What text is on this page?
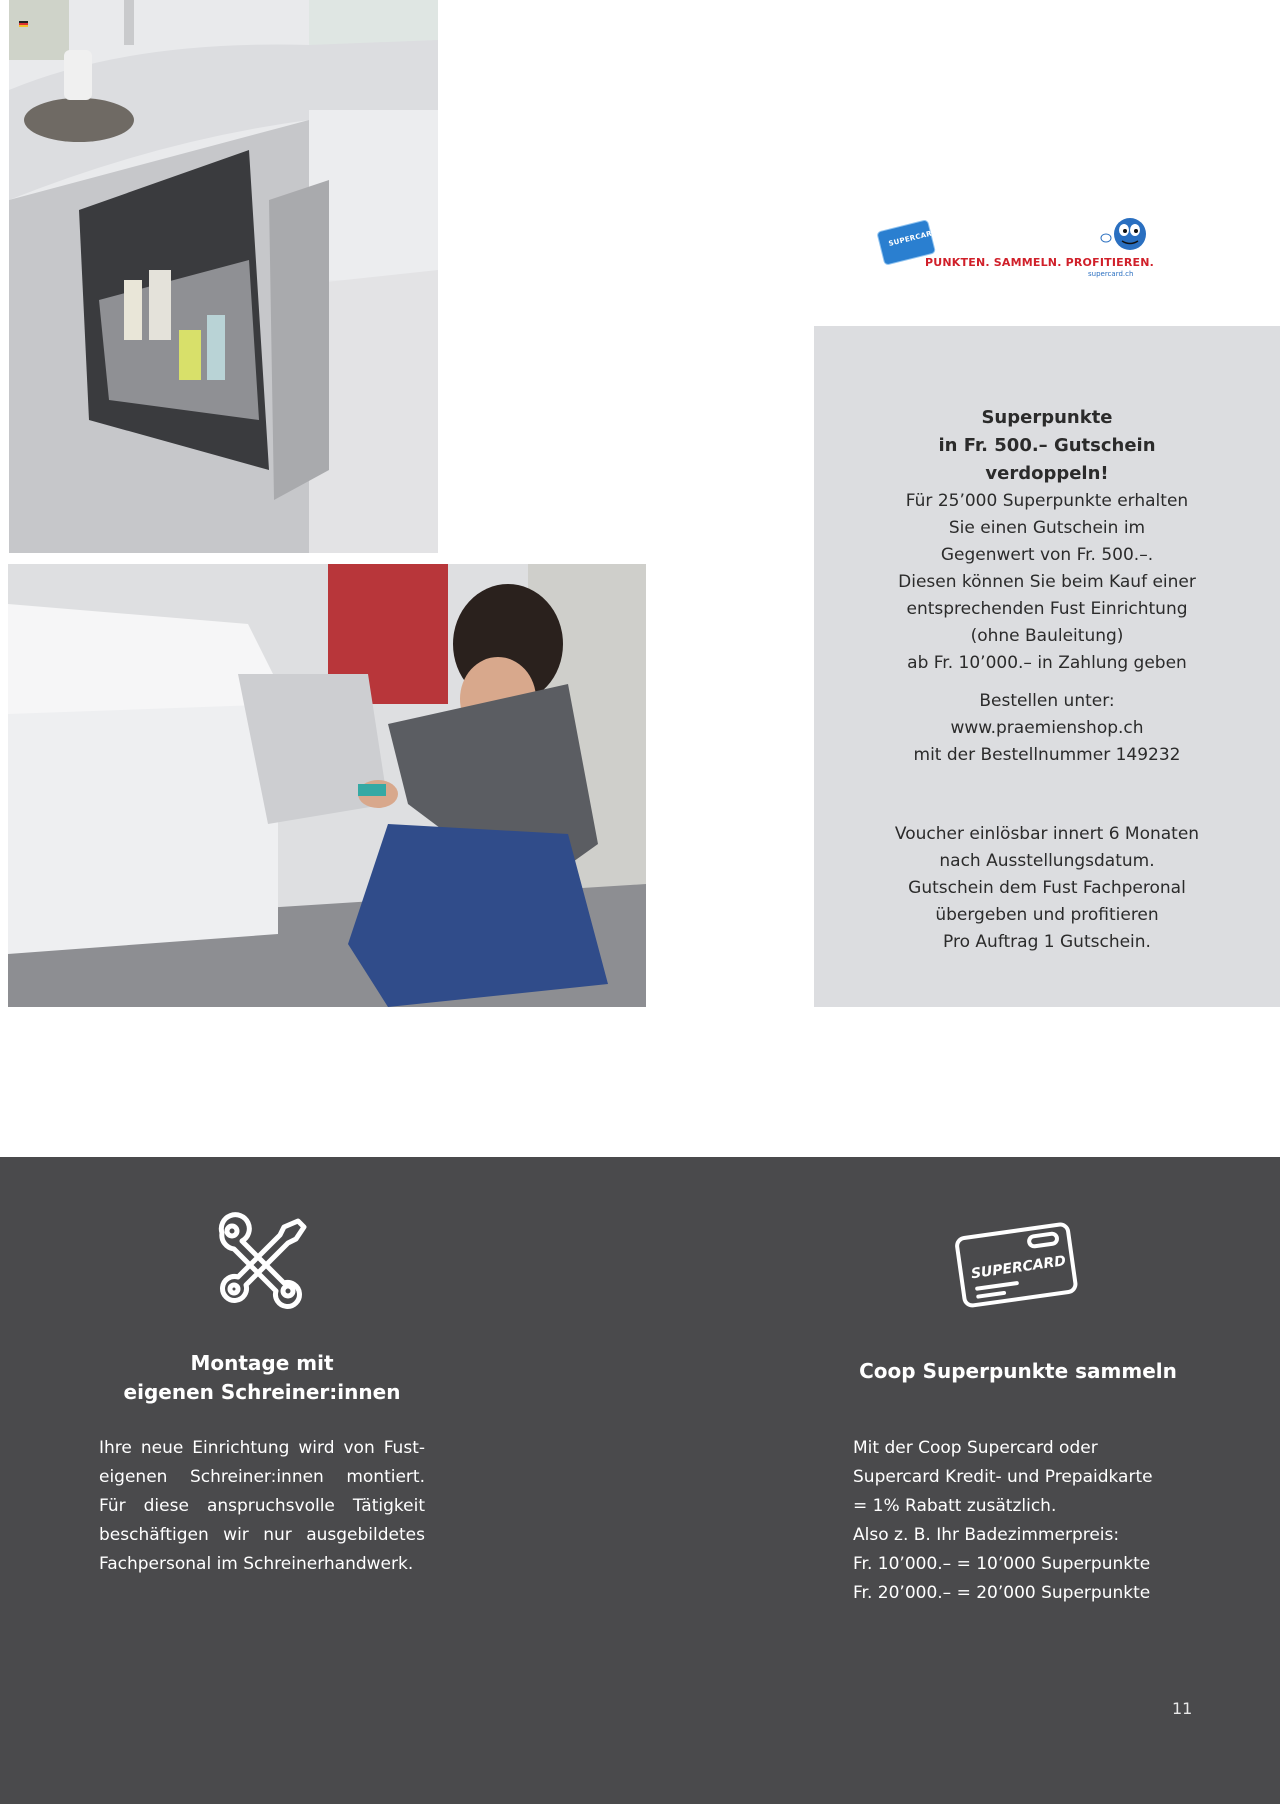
SUPERCARD
PUNKTEN. SAMMELN. PROFITIEREN.
supercard.ch
Superpunkte
in Fr. 500.– Gutschein
verdoppeln!
Für 25’000 Superpunkte erhalten
Sie einen Gutschein im
Gegenwert von Fr. 500.–.
Diesen können Sie beim Kauf einer
entsprechenden Fust Einrichtung
(ohne Bauleitung)
ab Fr. 10’000.– in Zahlung geben
Bestellen unter:
www.praemienshop.ch
mit der Bestellnummer 149232
Voucher einlösbar innert 6 Monaten
nach Ausstellungsdatum.
Gutschein dem Fust Fachperonal
übergeben und profitieren
Pro Auftrag 1 Gutschein.
Montage mit
eigenen Schreiner:innen
Ihre neue Einrichtung wird von Fust-
eigenen Schreiner:innen montiert.
Für diese anspruchsvolle Tätigkeit
beschäftigen wir nur ausgebildetes
Fachpersonal im Schreinerhandwerk.
SUPERCARD
Coop Superpunkte sammeln
Mit der Coop Supercard oder
Supercard Kredit- und Prepaidkarte
= 1% Rabatt zusätzlich.
Also z. B. Ihr Badezimmerpreis:
Fr. 10’000.– = 10’000 Superpunkte
Fr. 20’000.– = 20’000 Superpunkte
11
